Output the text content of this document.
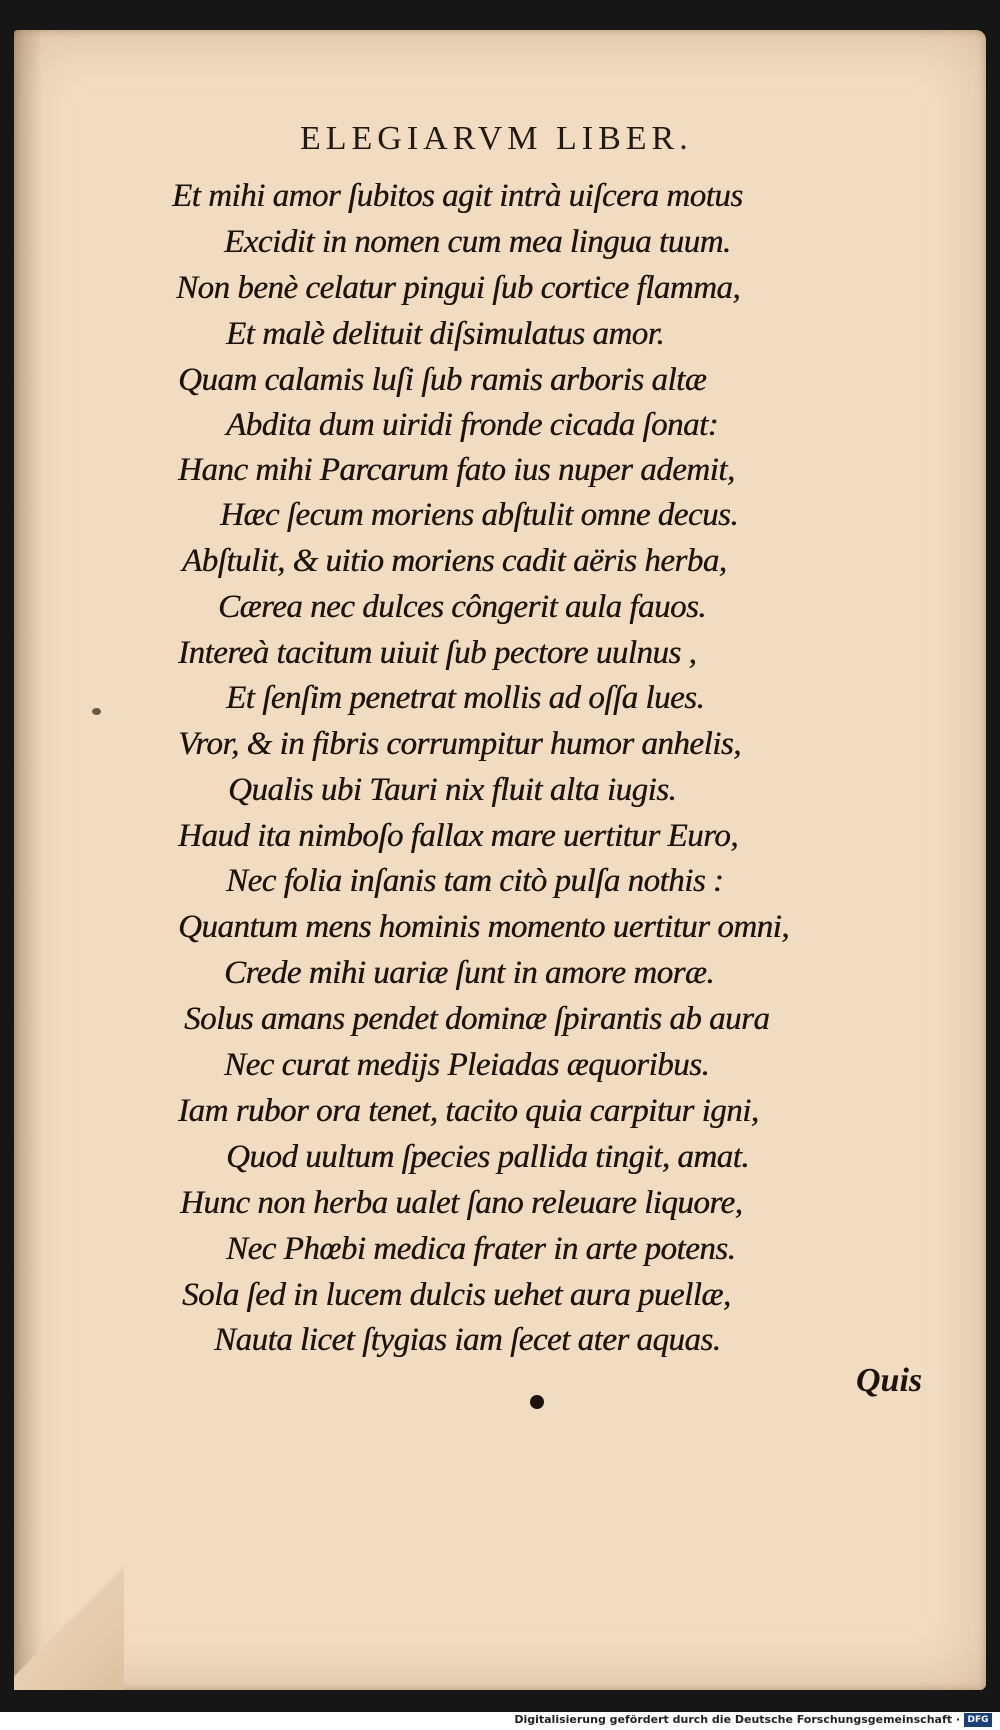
ELEGIARVM LIBER.
Et mihi amor ſubitos agit intrà uiſcera motus
Excidit in nomen cum mea lingua tuum.
Non benè celatur pingui ſub cortice flamma,
Et malè delituit diſsimulatus amor.
Quam calamis luſi ſub ramis arboris altæ
Abdita dum uiridi fronde cicada ſonat:
Hanc mihi Parcarum fato ius nuper ademit,
Hæc ſecum moriens abſtulit omne decus.
Abſtulit, & uitio moriens cadit aëris herba,
Cærea nec dulces côngerit aula fauos.
Intereà tacitum uiuit ſub pectore uulnus ,
Et ſenſim penetrat mollis ad oſſa lues.
Vror, & in fibris corrumpitur humor anhelis,
Qualis ubi Tauri nix fluit alta iugis.
Haud ita nimboſo fallax mare uertitur Euro,
Nec folia inſanis tam citò pulſa nothis :
Quantum mens hominis momento uertitur omni,
Crede mihi uariæ ſunt in amore moræ.
Solus amans pendet dominæ ſpirantis ab aura
Nec curat medijs Pleiadas æquoribus.
Iam rubor ora tenet, tacito quia carpitur igni,
Quod uultum ſpecies pallida tingit, amat.
Hunc non herba ualet ſano releuare liquore,
Nec Phœbi medica frater in arte potens.
Sola ſed in lucem dulcis uehet aura puellæ,
Nauta licet ſtygias iam ſecet ater aquas.
Quis
Digitalisierung gefördert durch die Deutsche Forschungsgemeinschaft · DFG
